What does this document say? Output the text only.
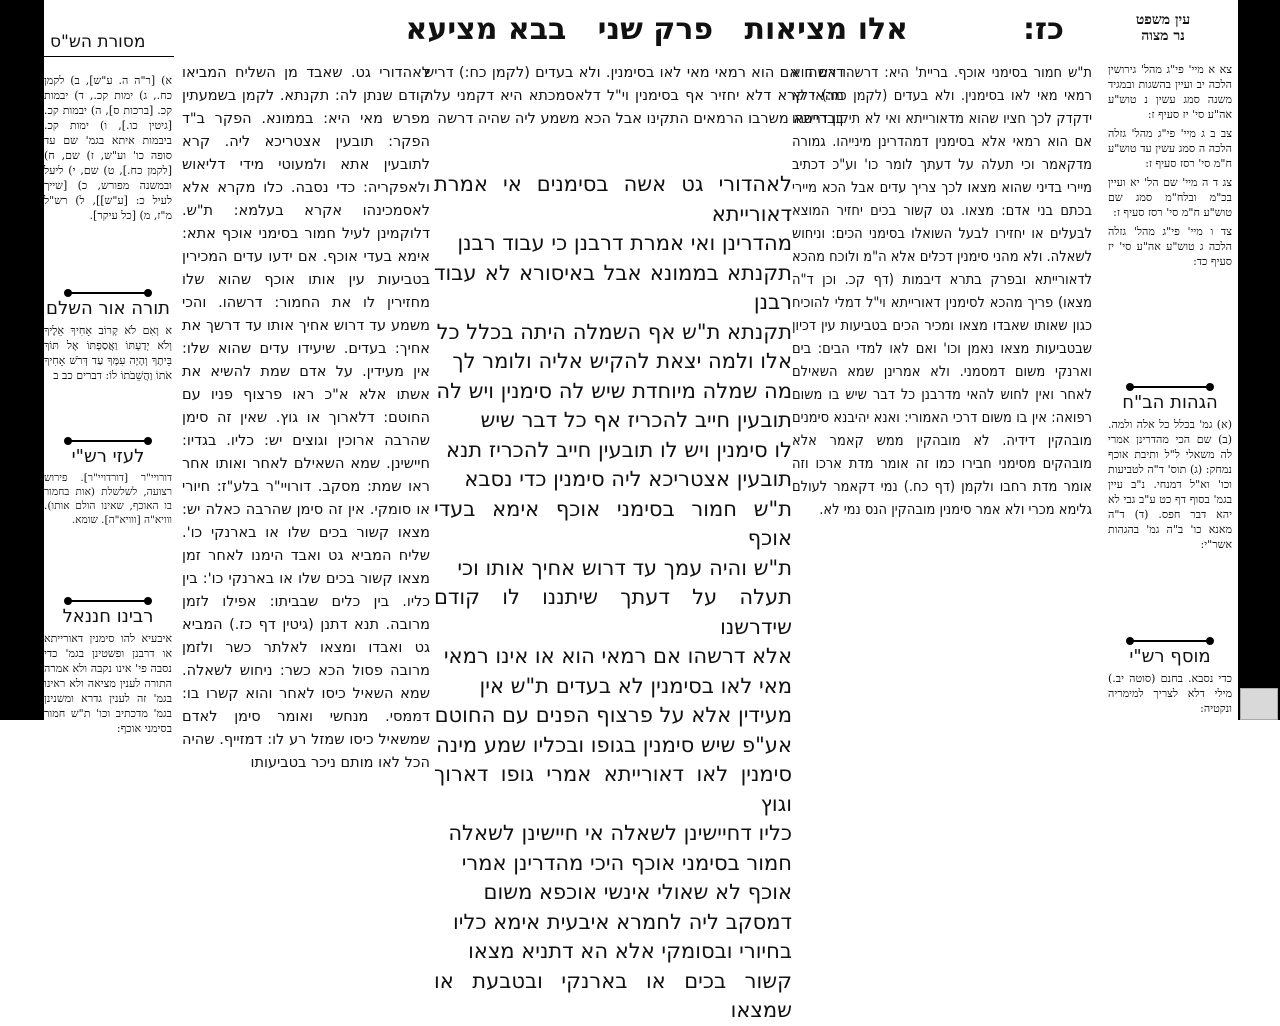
עין משפט
נר מצוה
כז:
אלו מציאות   פרק שני   בבא מציעא
מסורת הש"ס

צא א מיי' פי"ג מהל' גירושין הלכה יב ועיין בהשגות ובמגיד משנה סמג עשין נ טוש"ע אה"ע סי' יז סעיף ז:

צב ב ג מיי' פי"ג מהל' גזלה הלכה ה סמג עשין עד טוש"ע ח"מ סי' רסז סעיף ז:

צג ד ה מיי' שם הל' יא ועיין בכ"מ ובלח"מ סמג שם טוש"ע ח"מ סי' רסז סעיף ז:

צד ו מיי' פי"ג מהל' גזלה הלכה ג טוש"ע אה"ע סי' יז סעיף כד:

הגהות הב"ח
(א) גמ' בכלל כל אלה ולמה. (ב) שם הכי מהדרינן אמרי לה משאלי ל"ל ותיבת אוכף נמחק: (ג) תוס' ד"ה לטביעות וכו' וא"ל דמנחי. נ"ב עיין בגמ' בסוף דף כט ע"ב גבי לא יהא דבר חפס. (ד) ד"ה מאנא כו' ב"ה גמ' בהגהות אשר"י:
מוסף רש"י
כדי נסבא. בחנם (סוטה יב.) מילי דלא לצריך למימריה ונקטיה:

ת"ש חמור בסימני אוכף. בריית' היא: דרשהו אם הוא רמאי מאי לאו בסימנין. ולא בעדים (לקמן כח:) דלא ידקדק לכך חציו שהוא מדאורייתא ואי לא תיקון דרשהו אם הוא רמאי אלא בסימנין דמהדרינן מינייהו. גמורה מדקאמר וכי תעלה על דעתך לומר כו' וע"כ דכתיב מיירי בדיני שהוא מצאו לכך צריך עדים אבל הכא מיירי בכתם בני אדם: מצאו. גט קשור בכים יחזיר המוצא לבעלים או יחזירו לבעל השואלו בסימני הכים: וניחוש לשאלה. ולא מהני סימנין דכלים אלא ה"מ ולוכח מהכא לדאורייתא ובפרק בתרא דיבמות (דף קכ. וכן ד"ה מצאו) פריך מהכא לסימנין דאורייתא וי"ל דמלי להוכיח כגון שאותו שאבדו מצאו ומכיר הכים בטביעות עין דכיון שבטביעות מצאו נאמן וכו' ואם לאו למדי הבים: בים וארנקי משום דמסמני. ולא אמרינן שמא השאילם לאחר ואין לחוש להאי מדרבנן כל דבר שיש בו משום רפואה: אין בו משום דרכי האמורי: ואנא יהיבנא סימנים מובהקין דידיה. לא מובהקין ממש קאמר אלא מובהקים מסימני חבירו כמו זה אומר מדת ארכו וזה אומר מדת רחבו ולקמן (דף כח.) נמי דקאמר לעולם גלימא מכרי ולא אמר סימנין מובהקין הנס נמי לא.

דרשהו אם הוא רמאי מאי לאו בסימנין. ולא בעדים (לקמן כח:) דריש מהאי קרא דלא יחזיר אף בסימנין וי"ל דלאסמכתא היא דקמני עלה בברייתא משרבו הרמאים התקינו אבל הכא משמע ליה שהיה דרשה

לאהדורי גט אשה בסימנים אי אמרת דאורייתא
מהדרינן ואי אמרת דרבנן כי עבוד רבנן
תקנתא בממונא אבל באיסורא לא עבוד רבנן
תקנתא ת"ש אף השמלה היתה בכלל כל
אלו ולמה יצאת להקיש אליה ולומר לך
מה שמלה מיוחדת שיש לה סימנין ויש לה
תובעין חייב להכריז אף כל דבר שיש
לו סימנין ויש לו תובעין חייב להכריז תנא
תובעין אצטריכא ליה סימנין כדי נסבא
ת"ש חמור בסימני אוכף אימא בעדי אוכף
ת"ש והיה עמך עד דרוש אחיך אותו וכי
תעלה על דעתך שיתננו לו קודם שידרשנו
אלא דרשהו אם רמאי הוא או אינו רמאי
מאי לאו בסימנין לא בעדים ת"ש אין
מעידין אלא על פרצוף הפנים עם החוטם
אע"פ שיש סימנין בגופו ובכליו שמע מינה
סימנין לאו דאורייתא אמרי גופו דארוך וגוץ
כליו דחיישינן לשאלה אי חיישינן לשאלה
חמור בסימני אוכף היכי מהדרינן אמרי
אוכף לא שאולי אינשי אוכפא משום
דמסקב ליה לחמרא איבעית אימא כליו
בחיורי ובסומקי אלא הא דתניא מצאו
קשור בכים או בארנקי ובטבעת או שמצאו

לאהדורי גט. שאבד מן השליח המביאו קודם שנתן לה: תקנתא. לקמן בשמעתין מפרש מאי היא: בממונא. הפקר ב"ד הפקר: תובעין אצטריכא ליה. קרא לתובעין אתא ולמעוטי מידי דליאוש ולאפקריה: כדי נסבה. כלו מקרא אלא לאסמכינהו אקרא בעלמא: ת"ש. דלוקמינן לעיל חמור בסימני אוכף אתא: אימא בעדי אוכף. אם ידעו עדים המכירין בטביעות עין אותו אוכף שהוא שלו מחזירין לו את החמור: דרשהו. והכי משמע עד דרוש אחיך אותו עד דרשך את אחיך: בעדים. שיעידו עדים שהוא שלו: אין מעידין. על אדם שמת להשיא את אשתו אלא א"כ ראו פרצוף פניו עם החוטם: דלארוך או גוץ. שאין זה סימן שהרבה ארוכין וגוצים יש: כליו. בגדיו: חיישינן. שמא השאילם לאחר ואותו אחר ראו שמת: מסקב. דורויי"ר בלע"ז: חיורי או סומקי. אין זה סימן שהרבה כאלה יש: מצאו קשור בכים שלו או בארנקי כו'. שליח המביא גט ואבד הימנו לאחר זמן מצאו קשור בכים שלו או בארנקי כו': בין כליו. בין כלים שבביתו: אפילו לזמן מרובה. תנא דתנן (גיטין דף כז.) המביא גט ואבדו ומצאו לאלתר כשר ולזמן מרובה פסול הכא כשר: ניחוש לשאלה. שמא השאיל כיסו לאחר והוא קשרו בו: דממסי. מנחשי ואומר סימן לאדם שמשאיל כיסו שמזל רע לו: דמזייף. שהיה הכל לאו מותם ניכר בטביעותו

א) [ר"ה ה. ע"ש], ב) לקמן כח., ג) ימות קכ., ד) יבמות קכ. [ברכות ס], ה) יבמות קכ. [גיטין כו.], ו) ימות קכ. ביבמות איתא בגמ' שם עד סופה כו' וע"ש, ז) שם, ח) [לקמן כח.], ט) שם, י) ליעל ובמשנה מפורש, כ) [שייך לעיל כ: [ע"ש]], ל) רש"ל מ"ז, מ) [כל עיקר].

תורה אור השלם
א וְאִם לֹא קָרוֹב אָחִיךָ אֵלֶיךָ וְלֹא יְדַעְתּוֹ וַאֲסַפְתּוֹ אֶל תּוֹךְ בֵּיתֶךָ וְהָיָה עִמְּךָ עַד דְּרֹשׁ אָחִיךָ אֹתוֹ וַהֲשֵׁבֹתוֹ לוֹ: דברים כב ב
לעזי רש"י
דורויי"ר [דורדויי"ר]. פירוש רצועה, לשלשלת (אות בחמור בו האוכף, שאינו הולם אותו). ווויא"ה [ווויא"ה]. שומא.
רבינו חננאל
איבעיא להו סימנין דאורייתא או דרבנן ופשטינן בגמ' כדי נסבה פי' אינו נקבה ולא אמרה התורה לענין מציאה ולא ראינו בגמ' זה לענין גדרא ומשנינן בגמ' מדכתיב וכו' ת"ש חמור בסימני אוכף:
